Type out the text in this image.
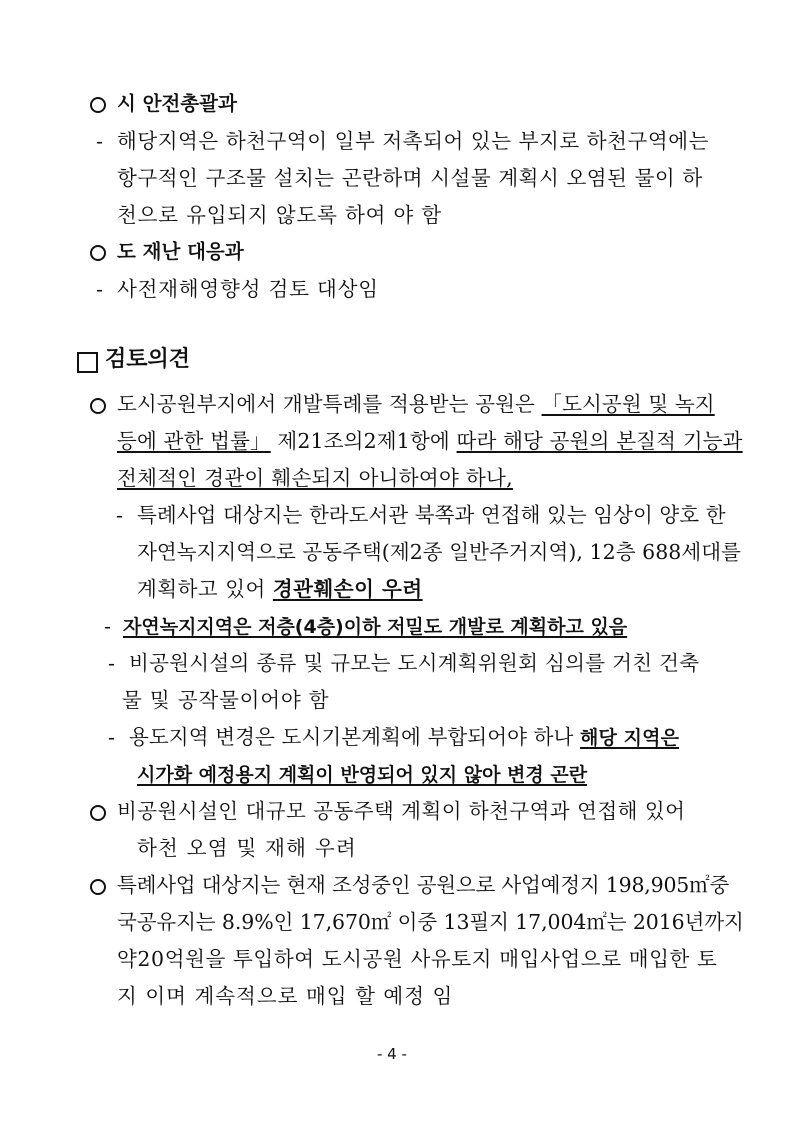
시 안전총괄과
- 해당지역은 하천구역이 일부 저촉되어 있는 부지로 하천구역에는
항구적인 구조물 설치는 곤란하며 시설물 계획시 오염된 물이 하
천으로 유입되지 않도록 하여 야 함
도 재난 대응과
- 사전재해영향성 검토 대상임
검토의견
도시공원부지에서 개발특례를 적용받는 공원은 「도시공원 및 녹지
등에 관한 법률」 제21조의2제1항에 따라 해당 공원의 본질적 기능과
전체적인 경관이 훼손되지 아니하여야 하나,
- 특례사업 대상지는 한라도서관 북쪽과 연접해 있는 임상이 양호 한
자연녹지지역으로 공동주택(제2종 일반주거지역), 12층 688세대를
계획하고 있어 경관훼손이 우려
- 자연녹지지역은 저층(4층)이하 저밀도 개발로 계획하고 있음
- 비공원시설의 종류 및 규모는 도시계획위원회 심의를 거친 건축
물 및 공작물이어야 함
- 용도지역 변경은 도시기본계획에 부합되어야 하나 해당 지역은
시가화 예정용지 계획이 반영되어 있지 않아 변경 곤란
비공원시설인 대규모 공동주택 계획이 하천구역과 연접해 있어
하천 오염 및 재해 우려
특례사업 대상지는 현재 조성중인 공원으로 사업예정지 198,905㎡중
국공유지는 8.9%인 17,670㎡ 이중 13필지 17,004㎡는 2016년까지
약20억원을 투입하여 도시공원 사유토지 매입사업으로 매입한 토
지 이며 계속적으로 매입 할 예정 임
- 4 -
